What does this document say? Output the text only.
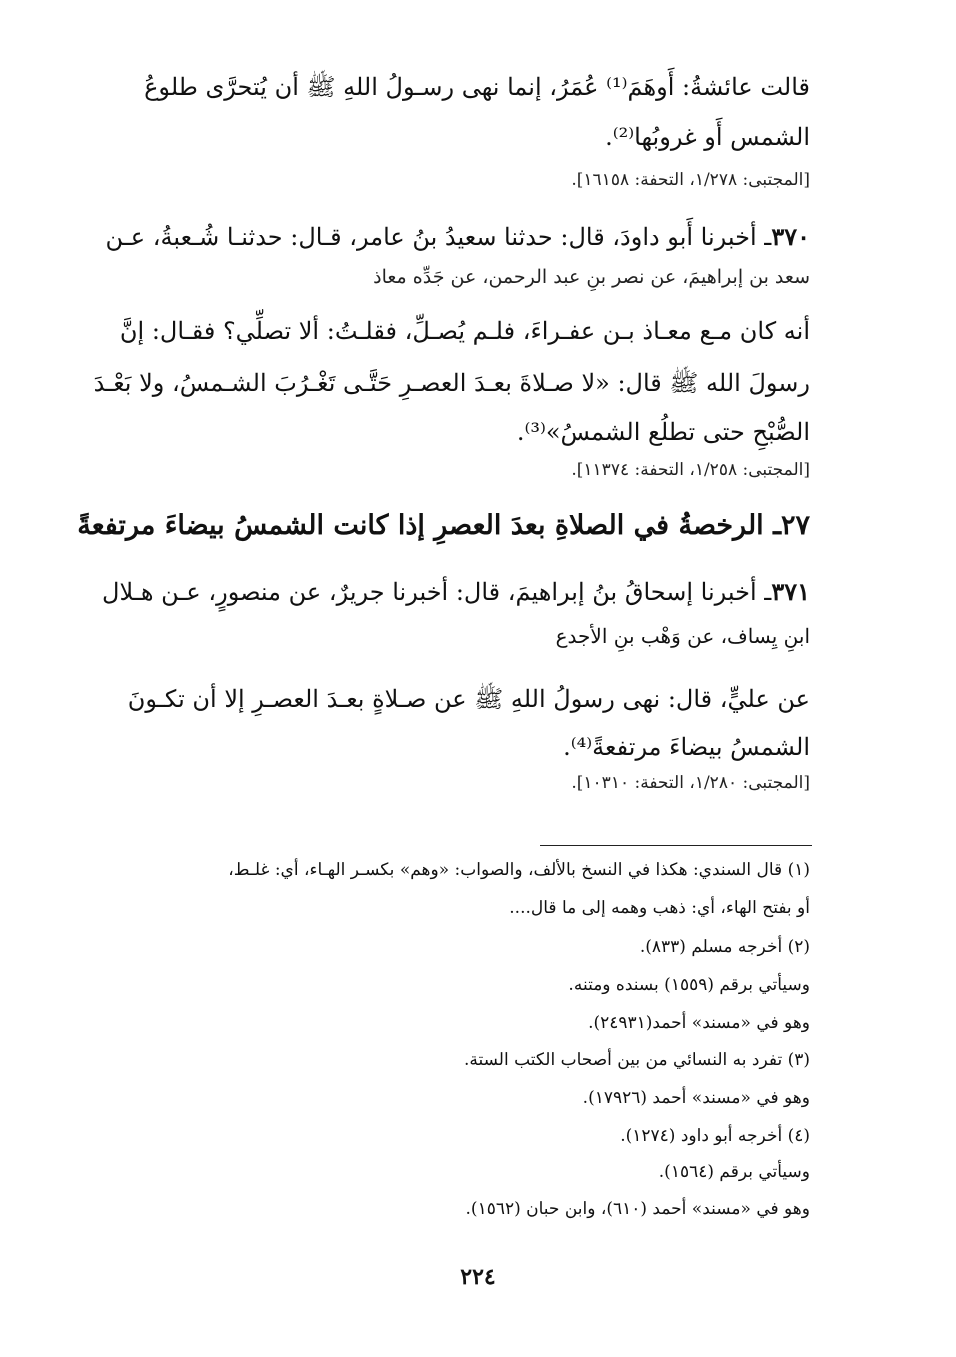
قالت عائشةُ: أَوهَمَ⁽¹⁾ عُمَرُ، إنما نهى رسـولُ اللهِ ﷺ أن يُتحرَّى طلوعُ
الشمس أَو غروبُها⁽²⁾.
[المجتبى: ١/٢٧٨، التحفة: ١٦١٥٨].
٣٧٠ـ أخبرنا أَبو داودَ، قال: حدثنا سعيدُ بنُ عامر، قـال: حدثنـا شُـعبةُ، عـن
سعد بن إبراهيمَ، عن نصر بنِ عبد الرحمن، عن جَدِّه معاذ
أنه كان مـع معـاذ بـن عفـراءَ، فلـم يُصـلِّ، فقلـتُ: ألا تصلِّي؟ فقـال: إنَّ
رسولَ الله ﷺ قال: «لا صـلاةَ بعـدَ العصـرِ حَتَّـى تَغْـرُبَ الشـمسُ، ولا بَعْـدَ
الصُّبْحِ حتى تطلُع الشمسُ»⁽³⁾.
[المجتبى: ١/٢٥٨، التحفة: ١١٣٧٤].
٢٧ـ الرخصةُ في الصلاةِ بعدَ العصرِ إذا كانت الشمسُ بيضاءَ مرتفعةً
٣٧١ـ أخبرنا إسحاقُ بنُ إبراهيمَ، قال: أخبرنا جريرٌ، عن منصورٍ، عـن هـلال
ابنِ يِساف، عن وَهْب بنِ الأجدع
عن عليٍّ، قال: نهى رسولُ اللهِ ﷺ عن صـلاةٍ بعـدَ العصـرِ إلا أن تكـونَ
الشمسُ بيضاءَ مرتفعةً⁽⁴⁾.
[المجتبى: ١/٢٨٠، التحفة: ١٠٣١٠].
(١) قال السندي: هكذا في النسخ بالألف، والصواب: «وهم» بكسـر الهـاء، أي: غلـط،
أو بفتح الهاء، أي: ذهب وهمه إلى ما قال....
(٢) أخرجه مسلم (٨٣٣).
وسيأتي برقم (١٥٥٩) بسنده ومتنه.
وهو في «مسند» أحمد(٢٤٩٣١).
(٣) تفرد به النسائي من بين أصحاب الكتب الستة.
وهو في «مسند» أحمد (١٧٩٢٦).
(٤) أخرجه أبو داود (١٢٧٤).
وسيأتي برقم (١٥٦٤).
وهو في «مسند» أحمد (٦١٠)، وابن حبان (١٥٦٢).
٢٢٤
